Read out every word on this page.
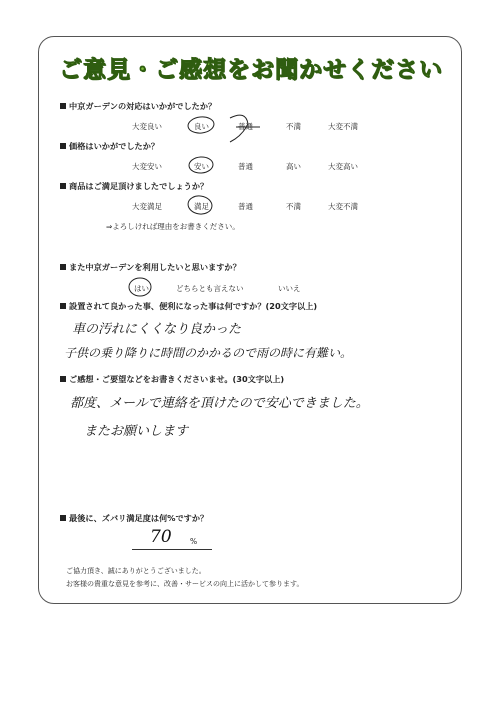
ご意見・ご感想をお聞かせください
中京ガーデンの対応はいかがでしたか？
大変良い	良い	普通	不満	大変不満
価格はいかがでしたか？
大変安い	安い	普通	高い	大変高い
商品はご満足頂けましたでしょうか？
大変満足	満足	普通	不満	大変不満
⇒よろしければ理由をお書きください。
また中京ガーデンを利用したいと思いますか？
はい	どちらとも言えない	いいえ
設置されて良かった事、便利になった事は何ですか？(20文字以上)
車の汚れにくくなり良かった
子供の乗り降りに時間のかかるので雨の時に有難い。
ご感想・ご要望などをお書きくださいませ。(30文字以上)
都度、メールで連絡を頂けたので安心できました。
またお願いします
最後に、ズバリ満足度は何%ですか？
70 %
ご協力頂き、誠にありがとうございました。
お客様の貴重な意見を参考に、改善・サービスの向上に活かして参ります。
